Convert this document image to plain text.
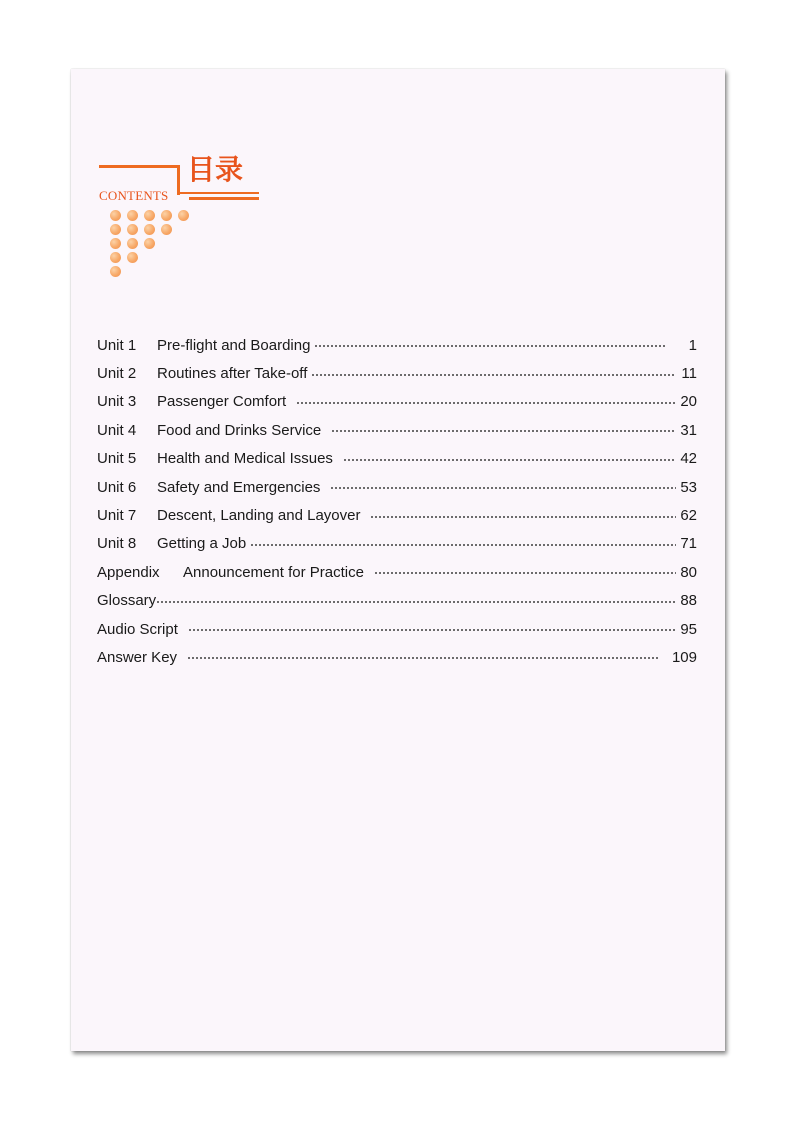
目录
CONTENTS
Unit 1	Pre-flight and Boarding	1
Unit 2	Routines after Take-off	11
Unit 3	Passenger Comfort	20
Unit 4	Food and Drinks Service	31
Unit 5	Health and Medical Issues	42
Unit 6	Safety and Emergencies	53
Unit 7	Descent, Landing and Layover	62
Unit 8	Getting a Job	71
Appendix	Announcement for Practice	80
Glossary	88
Audio Script	95
Answer Key	109
